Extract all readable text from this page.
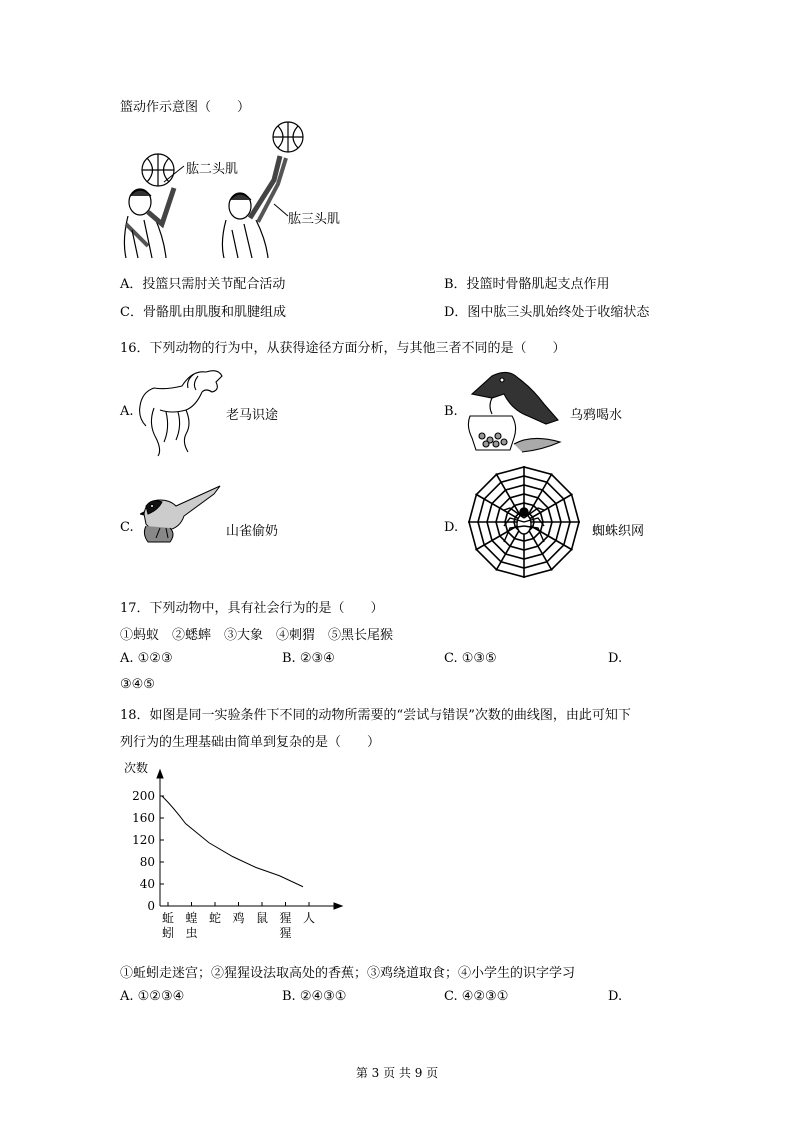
篮动作示意图（　　）
肱二头肌
肱三头肌
A．投篮只需肘关节配合活动	B．投篮时骨骼肌起支点作用
C．骨骼肌由肌腹和肌腱组成	D．图中肱三头肌始终处于收缩状态
16．下列动物的行为中，从获得途径方面分析，与其他三者不同的是（　　）
A.	老马识途	B.	乌鸦喝水
C.	山雀偷奶	D.	蜘蛛织网
17．下列动物中，具有社会行为的是（　　）
①蚂蚁　②蟋蟀　③大象　④刺猬　⑤黑长尾猴
A. ①②③	B. ②③④	C. ①③⑤	D.
③④⑤
18．如图是同一实验条件下不同的动物所需要的“尝试与错误”次数的曲线图，由此可知下
列行为的生理基础由简单到复杂的是（　　）
0
40
80
120
160
200
蚯
蚓
蝗
虫
蛇 鸡 鼠 猩
猩
人
次数
①蚯蚓走迷宫；②猩猩设法取高处的香蕉；③鸡绕道取食；④小学生的识字学习
A. ①②③④	B. ②④③①	C. ④②③①	D.
第 3 页 共 9 页
